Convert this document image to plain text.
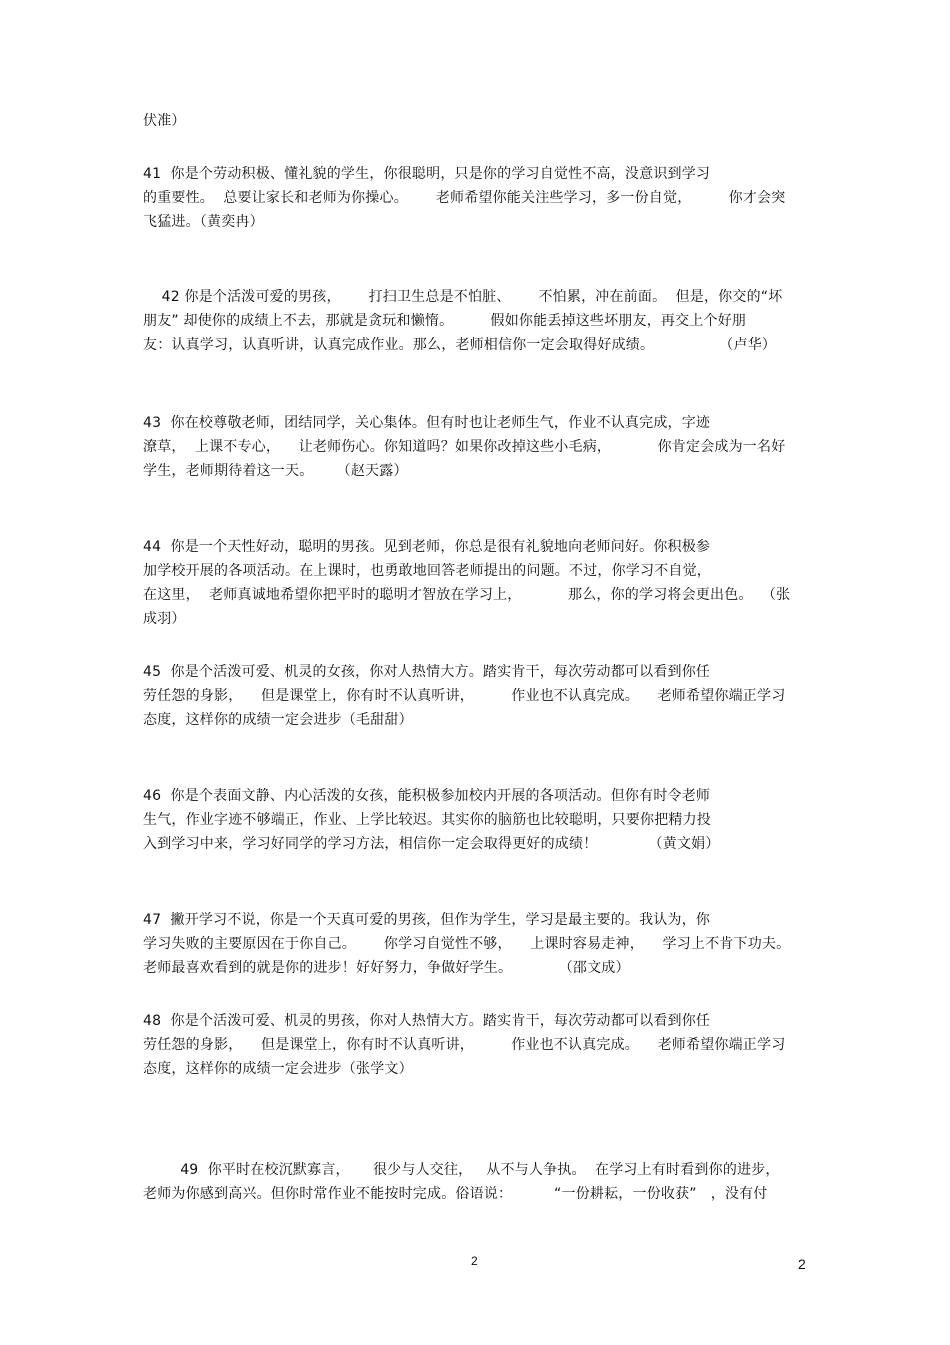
伏准）
41  你是个劳动积极、懂礼貌的学生，你很聪明，只是你的学习自觉性不高，没意识到学习
的重要性。  总要让家长和老师为你操心。      老师希望你能关注些学习，多一份自觉，        你才会突
飞猛进。（黄奕冉）
42 你是个活泼可爱的男孩，      打扫卫生总是不怕脏、      不怕累，冲在前面。  但是，你交的“坏
朋友” 却使你的成绩上不去，那就是贪玩和懒惰。        假如你能丢掉这些坏朋友，再交上个好朋
友：认真学习，认真听讲，认真完成作业。那么，老师相信你一定会取得好成绩。              （卢华）
43  你在校尊敬老师，团结同学，关心集体。但有时也让老师生气，作业不认真完成，字迹
潦草，  上课不专心，    让老师伤心。你知道吗？如果你改掉这些小毛病，          你肯定会成为一名好
学生，老师期待着这一天。     （赵天露）
44  你是一个天性好动，聪明的男孩。见到老师，你总是很有礼貌地向老师问好。你积极参
加学校开展的各项活动。在上课时，也勇敢地回答老师提出的问题。不过，你学习不自觉，
在这里，  老师真诚地希望你把平时的聪明才智放在学习上，          那么，你的学习将会更出色。  （张
成羽）
45  你是个活泼可爱、机灵的女孩，你对人热情大方。踏实肯干，每次劳动都可以看到你任
劳任怨的身影，    但是课堂上，你有时不认真听讲，        作业也不认真完成。    老师希望你端正学习
态度，这样你的成绩一定会进步（毛甜甜）
46  你是个表面文静、内心活泼的女孩，能积极参加校内开展的各项活动。但你有时令老师
生气，作业字迹不够端正，作业、上学比较迟。其实你的脑筋也比较聪明，只要你把精力投
入到学习中来，学习好同学的学习方法，相信你一定会取得更好的成绩！           （黄文娟）
47  撇开学习不说，你是一个天真可爱的男孩，但作为学生，学习是最主要的。我认为，你
学习失败的主要原因在于你自己。      你学习自觉性不够，    上课时容易走神，    学习上不肯下功夫。
老师最喜欢看到的就是你的进步！好好努力，争做好学生。          （邵文成）
48  你是个活泼可爱、机灵的男孩，你对人热情大方。踏实肯干，每次劳动都可以看到你任
劳任怨的身影，    但是课堂上，你有时不认真听讲，        作业也不认真完成。    老师希望你端正学习
态度，这样你的成绩一定会进步（张学文）
49  你平时在校沉默寡言，     很少与人交往，   从不与人争执。  在学习上有时看到你的进步，
老师为你感到高兴。但你时常作业不能按时完成。俗语说：         “一份耕耘，一份收获”   ，没有付
2	2
